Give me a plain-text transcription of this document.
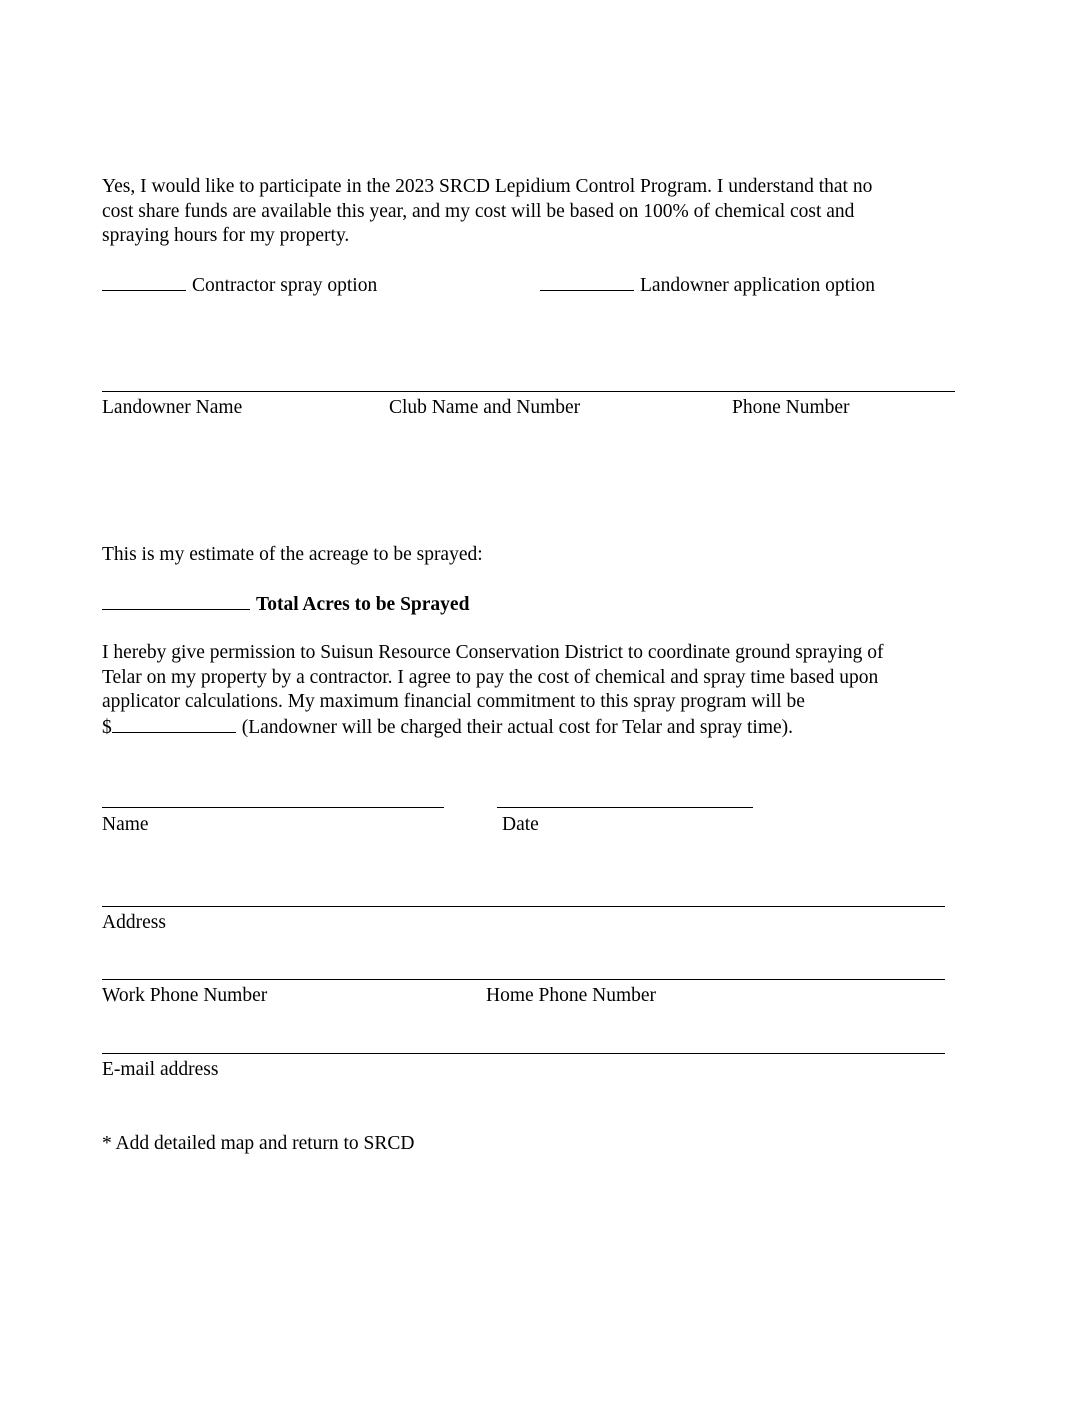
Yes, I would like to participate in the 2023 SRCD Lepidium Control Program. I understand that no
cost share funds are available this year, and my cost will be based on 100% of chemical cost and
spraying hours for my property.
Contractor spray option	Landowner application option
Landowner Name	Club Name and Number	Phone Number
This is my estimate of the acreage to be sprayed:
Total Acres to be Sprayed
I hereby give permission to Suisun Resource Conservation District to coordinate ground spraying of
Telar on my property by a contractor. I agree to pay the cost of chemical and spray time based upon
applicator calculations. My maximum financial commitment to this spray program will be
$	(Landowner will be charged their actual cost for Telar and spray time).
Name	Date
Address
Work Phone Number	Home Phone Number
E-mail address
* Add detailed map and return to SRCD
